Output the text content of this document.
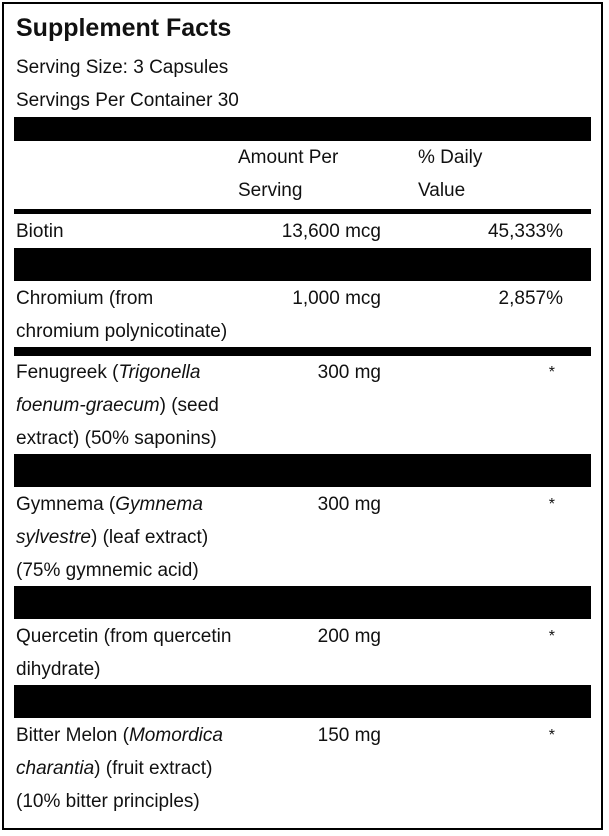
Supplement Facts
Serving Size: 3 Capsules
Servings Per Container 30
Amount Per
Serving
% Daily
Value
Biotin	13,600 mcg	45,333%
Chromium (from
chromium polynicotinate)
1,000 mcg	2,857%
Fenugreek (Trigonella
foenum-graecum) (seed
extract) (50% saponins)
300 mg	*
Gymnema (Gymnema
sylvestre) (leaf extract)
(75% gymnemic acid)
300 mg	*
Quercetin (from quercetin
dihydrate)
200 mg	*
Bitter Melon (Momordica
charantia) (fruit extract)
(10% bitter principles)
150 mg	*
